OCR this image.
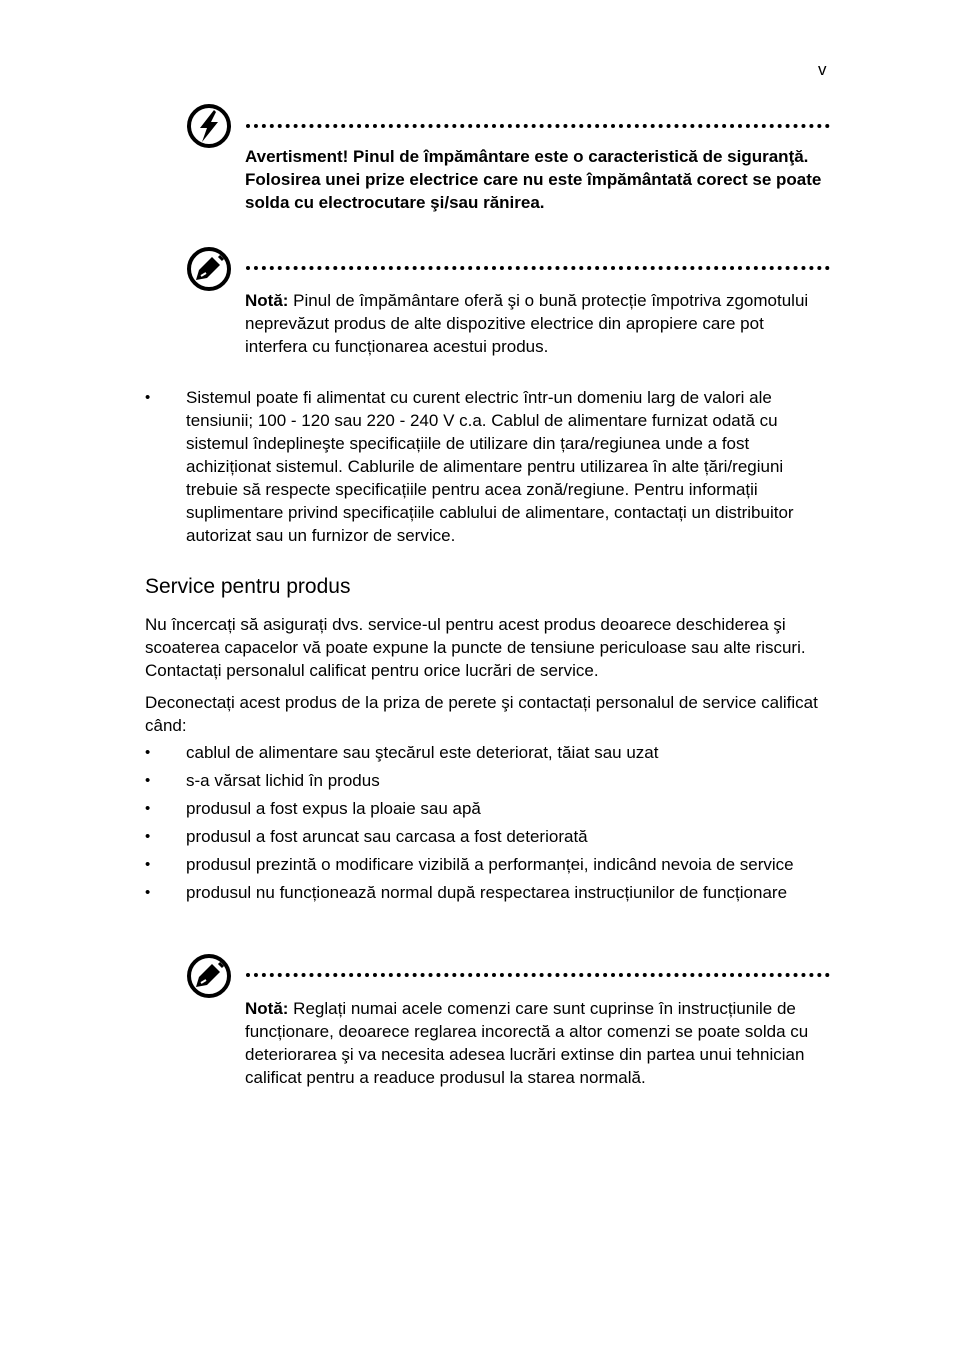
v
Avertisment! Pinul de împământare este o caracteristică de siguranţă. Folosirea unei prize electrice care nu este împământată corect se poate solda cu electrocutare şi/sau rănirea.
Notă: Pinul de împământare oferă şi o bună protecție împotriva zgomotului neprevăzut produs de alte dispozitive electrice din apropiere care pot interfera cu funcționarea acestui produs.
• Sistemul poate fi alimentat cu curent electric într-un domeniu larg de valori ale tensiunii; 100 - 120 sau 220 - 240 V c.a. Cablul de alimentare furnizat odată cu sistemul îndeplineşte specificațiile de utilizare din țara/regiunea unde a fost achiziționat sistemul. Cablurile de alimentare pentru utilizarea în alte țări/regiuni trebuie să respecte specificațiile pentru acea zonă/regiune. Pentru informații suplimentare privind specificațiile cablului de alimentare, contactați un distribuitor autorizat sau un furnizor de service.
Service pentru produs

Nu încercați să asigurați dvs. service-ul pentru acest produs deoarece deschiderea şi scoaterea capacelor vă poate expune la puncte de tensiune periculoase sau alte riscuri. Contactați personalul calificat pentru orice lucrări de service.

Deconectați acest produs de la priza de perete şi contactați personalul de service calificat când:

• cablul de alimentare sau ştecărul este deteriorat, tăiat sau uzat
• s-a vărsat lichid în produs
• produsul a fost expus la ploaie sau apă
• produsul a fost aruncat sau carcasa a fost deteriorată
• produsul prezintă o modificare vizibilă a performanței, indicând nevoia de service
• produsul nu funcționează normal după respectarea instrucțiunilor de funcționare
Notă: Reglați numai acele comenzi care sunt cuprinse în instrucțiunile de funcționare, deoarece reglarea incorectă a altor comenzi se poate solda cu deteriorarea şi va necesita adesea lucrări extinse din partea unui tehnician calificat pentru a readuce produsul la starea normală.
